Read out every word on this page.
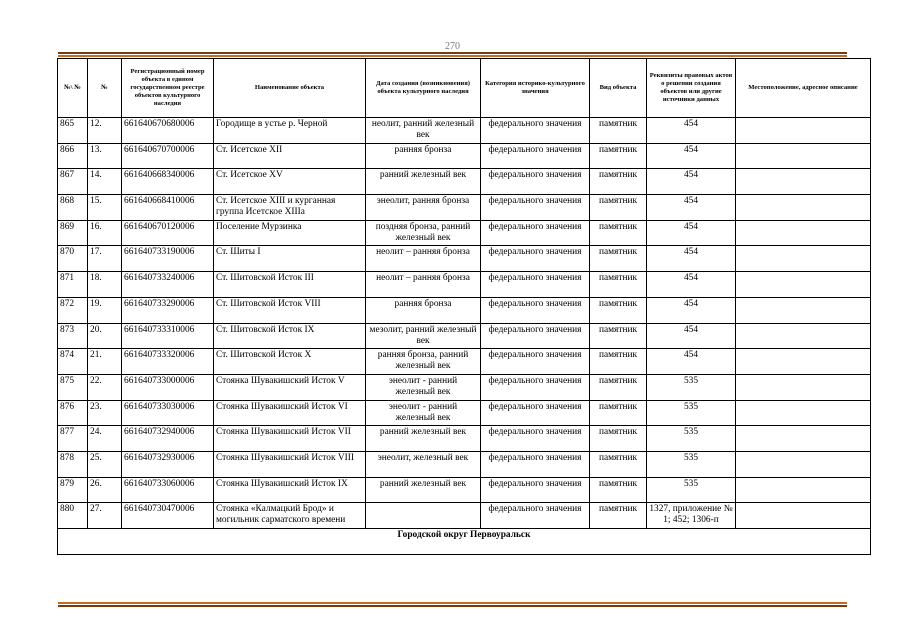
270
№\ №	№	Регистрационный номер объекта в едином государственном реестре объектов культурного наследия	Наименование объекта	Дата создания (возникновения) объекта культурного наследия	Категория историко-культурного значения	Вид объекта	Реквизиты правовых актов о решении создания объектов или другие источники данных	Местоположение, адресное описание
865	12.	661640670680006	Городище в устье р. Черной	неолит, ранний железный век	федерального значения	памятник	454	
866	13.	661640670700006	Ст. Исетское XII	ранняя бронза	федерального значения	памятник	454	
867	14.	661640668340006	Ст. Исетское XV	ранний железный век	федерального значения	памятник	454	
868	15.	661640668410006	Ст. Исетское XIII и курганная группа Исетское XIIIа	энеолит, ранняя бронза	федерального значения	памятник	454	
869	16.	661640670120006	Поселение Мурзинка	поздняя бронза, ранний железный век	федерального значения	памятник	454	
870	17.	661640733190006	Ст. Шиты I	неолит – ранняя бронза	федерального значения	памятник	454	
871	18.	661640733240006	Ст. Шитовской Исток III	неолит – ранняя бронза	федерального значения	памятник	454	
872	19.	661640733290006	Ст. Шитовской Исток VIII	ранняя бронза	федерального значения	памятник	454	
873	20.	661640733310006	Ст. Шитовской Исток IX	мезолит, ранний железный век	федерального значения	памятник	454	
874	21.	661640733320006	Ст. Шитовской Исток X	ранняя бронза, ранний железный век	федерального значения	памятник	454	
875	22.	661640733000006	Стоянка Шувакишский Исток V	энеолит - ранний железный век	федерального значения	памятник	535	
876	23.	661640733030006	Стоянка Шувакишский Исток VI	энеолит - ранний железный век	федерального значения	памятник	535	
877	24.	661640732940006	Стоянка Шувакишский Исток VII	ранний железный век	федерального значения	памятник	535	
878	25.	661640732930006	Стоянка Шувакишский Исток VIII	энеолит, железный век	федерального значения	памятник	535	
879	26.	661640733060006	Стоянка Шувакишский Исток IX	ранний железный век	федерального значения	памятник	535	
880	27.	661640730470006	Стоянка «Калмацкий Брод» и могильник сарматского времени		федерального значения	памятник	1327, приложение № 1; 452; 1306-п	
Городской округ Первоуральск								
